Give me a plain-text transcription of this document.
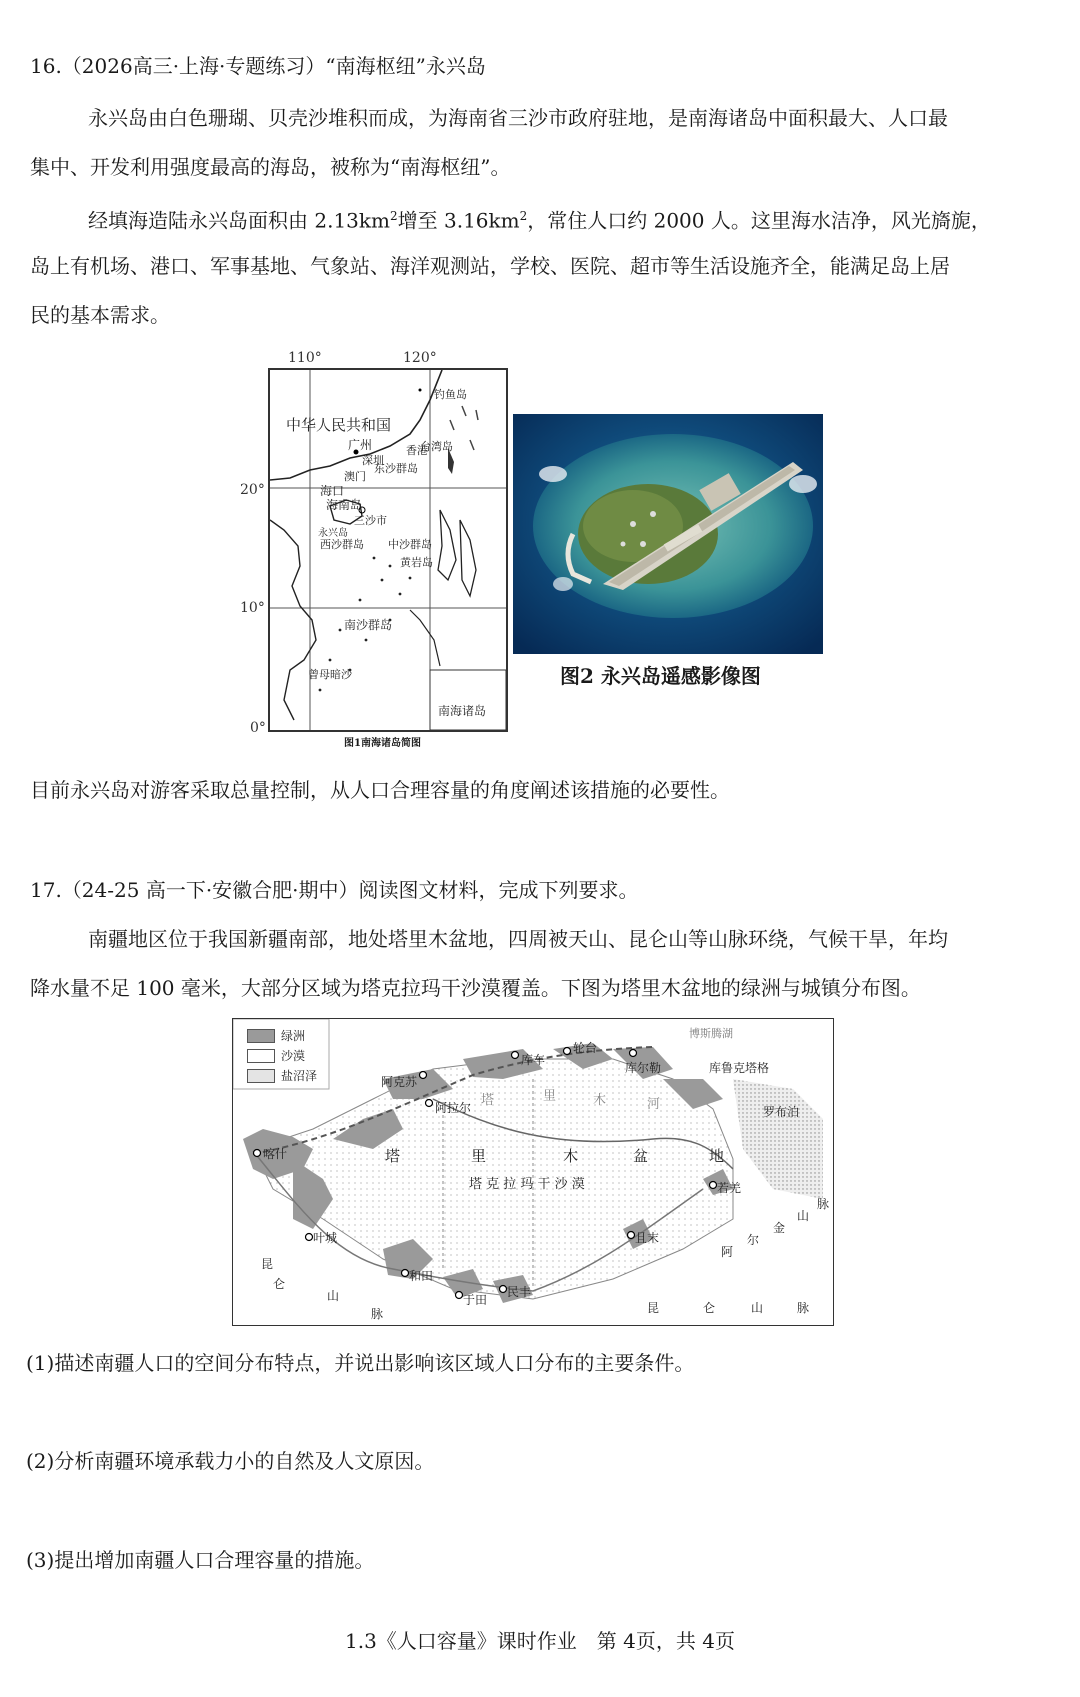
16.（2026高三·上海·专题练习）“南海枢纽”永兴岛
永兴岛由白色珊瑚、贝壳沙堆积而成，为海南省三沙市政府驻地，是南海诸岛中面积最大、人口最
集中、开发利用强度最高的海岛，被称为“南海枢纽”。
经填海造陆永兴岛面积由 $2.13km^2$增至 $3.16km^2$，常住人口约 2000 人。这里海水洁净，风光旖旎，
岛上有机场、港口、军事基地、气象站、海洋观测站，学校、医院、超市等生活设施齐全，能满足岛上居
民的基本需求。
110°	120°
20°
10°
0°
中华人民共和国
广州
深圳
香港
澳门
东沙群岛
海口
海南岛
三沙市
永兴岛
西沙群岛 中沙群岛
黄岩岛
南沙群岛
曾母暗沙
钓鱼岛
台湾岛
南海诸岛
图1南海诸岛简图
图2 永兴岛遥感影像图
目前永兴岛对游客采取总量控制，从人口合理容量的角度阐述该措施的必要性。
17.（24-25 高一下·安徽合肥·期中）阅读图文材料，完成下列要求。
南疆地区位于我国新疆南部，地处塔里木盆地，四周被天山、昆仑山等山脉环绕，气候干旱，年均
降水量不足 100 毫米，大部分区域为塔克拉玛干沙漠覆盖。下图为塔里木盆地的绿洲与城镇分布图。
绿洲
沙漠
盐沼泽
喀什
阿克苏
阿拉尔
库车
轮台
库尔勒
博斯腾湖
库鲁克塔格
罗布泊
叶城
和田
于田
民丰
且末
若羌
塔	里	木	盆	地
塔 克 拉 玛 干 沙 漠
塔	里	木	河
昆
仑
山
脉	昆	仑	山	脉
阿
尔
金
山
脉
(1)描述南疆人口的空间分布特点，并说出影响该区域人口分布的主要条件。
(2)分析南疆环境承载力小的自然及人文原因。
(3)提出增加南疆人口合理容量的措施。
1.3《人口容量》课时作业　第 4页，共 4页
